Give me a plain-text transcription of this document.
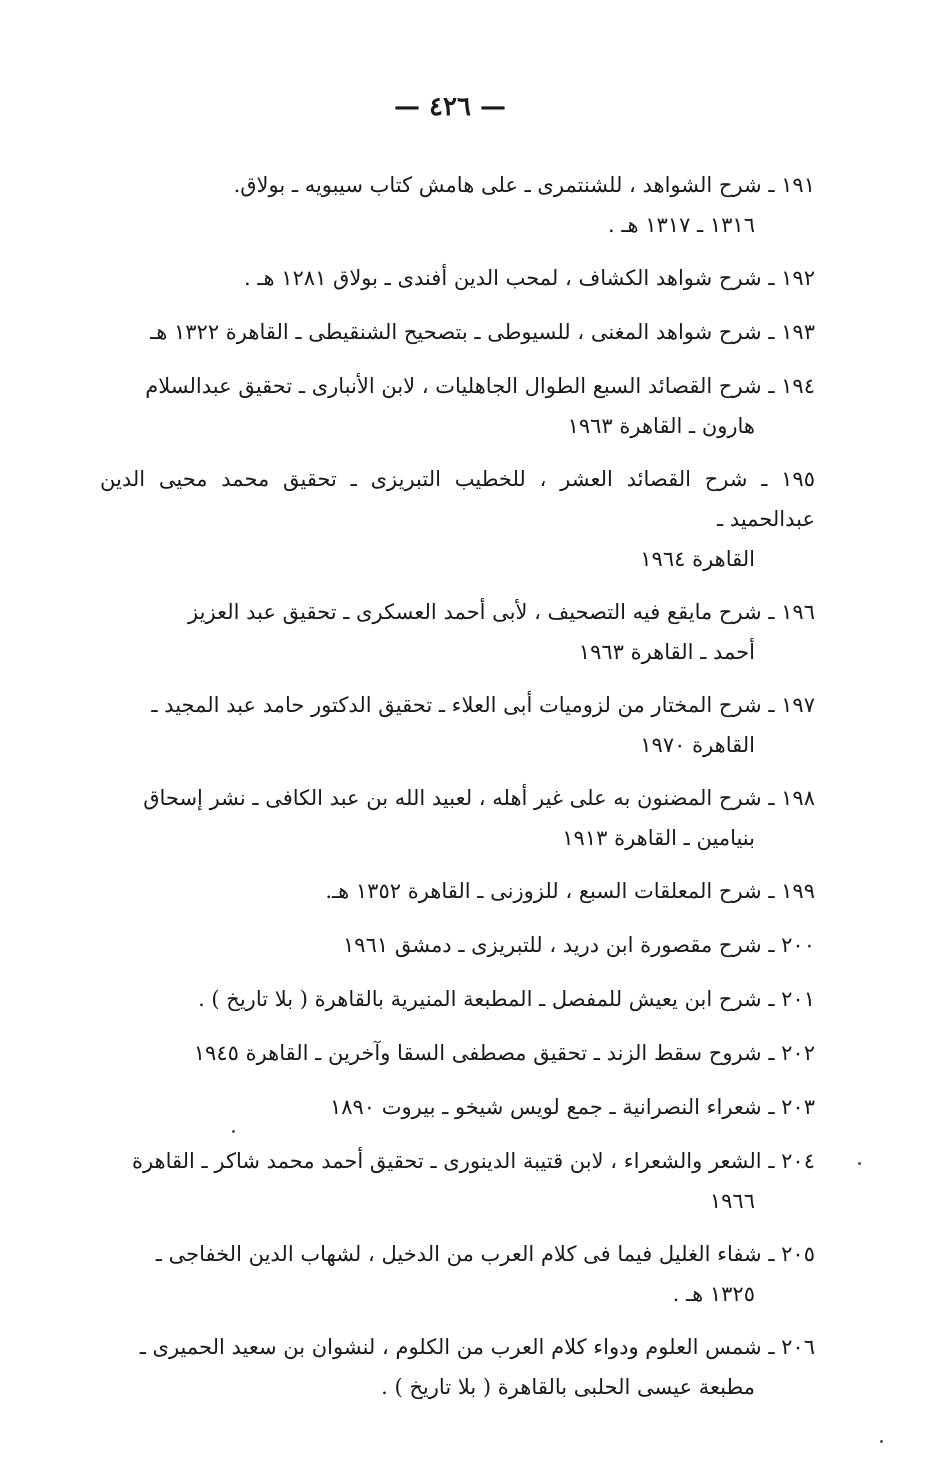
— ٤٢٦ —
١٩١ ـ شرح الشواهد ، للشنتمرى ـ على هامش كتاب سيبويه ـ بولاق.
١٣١٦ ـ ١٣١٧ هـ .
١٩٢ ـ شرح شواهد الكشاف ، لمحب الدين أفندى ـ بولاق ١٢٨١ هـ .
١٩٣ ـ شرح شواهد المغنى ، للسيوطى ـ بتصحيح الشنقيطى ـ القاهرة ١٣٢٢ هـ
١٩٤ ـ شرح القصائد السبع الطوال الجاهليات ، لابن الأنبارى ـ تحقيق عبدالسلام
هارون ـ القاهرة ١٩٦٣
١٩٥ ـ شرح القصائد العشر ، للخطيب التبريزى ـ تحقيق محمد محيى الدين عبدالحميد ـ
القاهرة ١٩٦٤
١٩٦ ـ شرح مايقع فيه التصحيف ، لأبى أحمد العسكرى ـ تحقيق عبد العزيز
أحمد ـ القاهرة ١٩٦٣
١٩٧ ـ شرح المختار من لزوميات أبى العلاء ـ تحقيق الدكتور حامد عبد المجيد ـ
القاهرة ١٩٧٠
١٩٨ ـ شرح المضنون به على غير أهله ، لعبيد الله بن عبد الكافى ـ نشر إسحاق
بنيامين ـ القاهرة ١٩١٣
١٩٩ ـ شرح المعلقات السبع ، للزوزنى ـ القاهرة ١٣٥٢ هـ.
٢٠٠ ـ شرح مقصورة ابن دريد ، للتبريزى ـ دمشق ١٩٦١
٢٠١ ـ شرح ابن يعيش للمفصل ـ المطبعة المنيرية بالقاهرة ( بلا تاريخ ) .
٢٠٢ ـ شروح سقط الزند ـ تحقيق مصطفى السقا وآخرين ـ القاهرة ١٩٤٥
٢٠٣ ـ شعراء النصرانية ـ جمع لويس شيخو ـ بيروت ١٨٩٠
٢٠٤ ـ الشعر والشعراء ، لابن قتيبة الدينورى ـ تحقيق أحمد محمد شاكر ـ القاهرة
١٩٦٦
٢٠٥ ـ شفاء الغليل فيما فى كلام العرب من الدخيل ، لشهاب الدين الخفاجى ـ
١٣٢٥ هـ .
٢٠٦ ـ شمس العلوم ودواء كلام العرب من الكلوم ، لنشوان بن سعيد الحميرى ـ
مطبعة عيسى الحلبى بالقاهرة ( بلا تاريخ ) .
